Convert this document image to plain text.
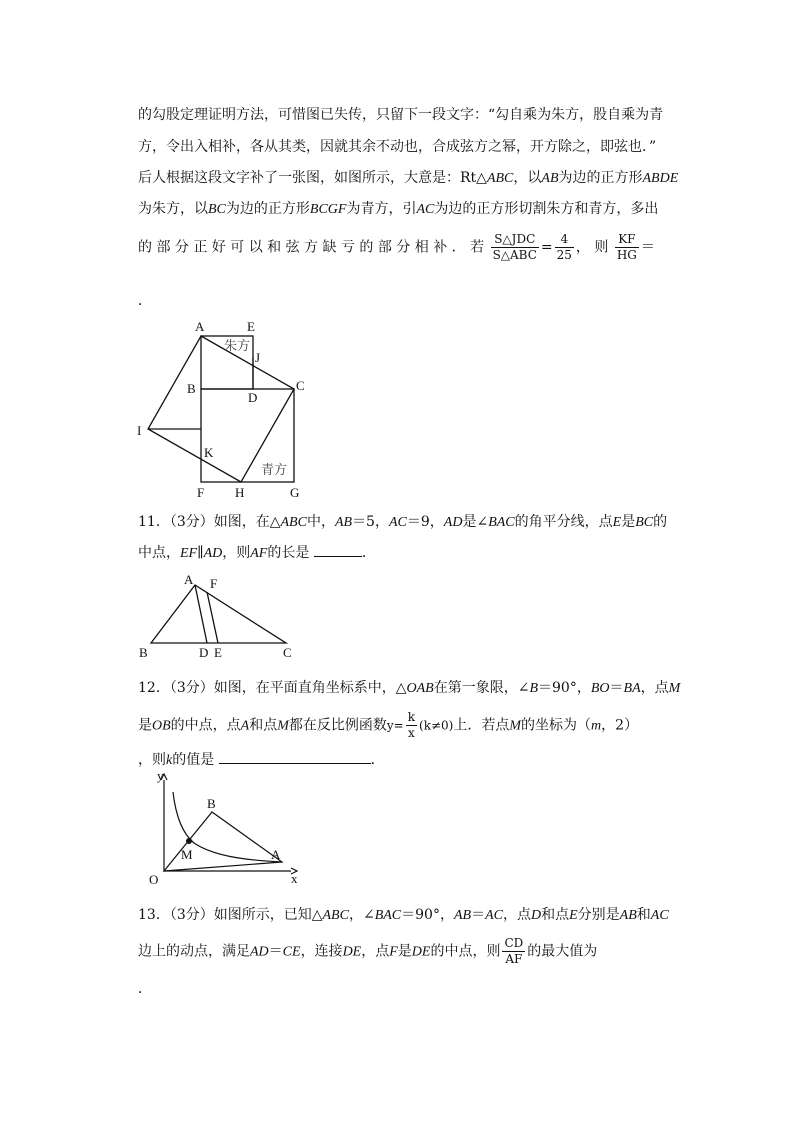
的勾股定理证明方法，可惜图已失传，只留下一段文字：“勾自乘为朱方，股自乘为青
方，令出入相补，各从其类，因就其余不动也，合成弦方之幂，开方除之，即弦也．”
后人根据这段文字补了一张图，如图所示，大意是：Rt△ABC，以AB为边的正方形ABDE
为朱方，以BC为边的正方形BCGF为青方，引AC为边的正方形切割朱方和青方，多出
的 部 分 正 好 可 以 和 弦 方 缺 亏 的 部 分 相 补 ． 若 $\frac{\text{S△JDC}}{\text{S△ABC}} = \frac{4}{25}$ ， 则 $\frac{KF}{HG}$ ＝
．
A	E
J
B
D
C
I
K
F H	G
朱方
青方
11．（3分）如图，在△ABC中，AB＝5，AC＝9，AD是∠BAC的角平分线，点E是BC的
中点，EF∥AD，则AF的长是	．
A F
B	D E	C
12．（3分）如图，在平面直角坐标系中，△OAB在第一象限，∠B＝90°，BO＝BA，点M
是OB的中点，点A和点M都在反比例函数$y= \frac{k}{x} (k\ne 0)$上．若点M的坐标为（m，2）
，则k的值是	．
y
B
M	A
O	x
13．（3分）如图所示，已知△ABC，∠BAC＝90°，AB＝AC，点D和点E分别是AB和AC
边上的动点，满足AD＝CE，连接DE，点F是DE的中点，则 $\frac{CD}{AF}$ 的最大值为
．
